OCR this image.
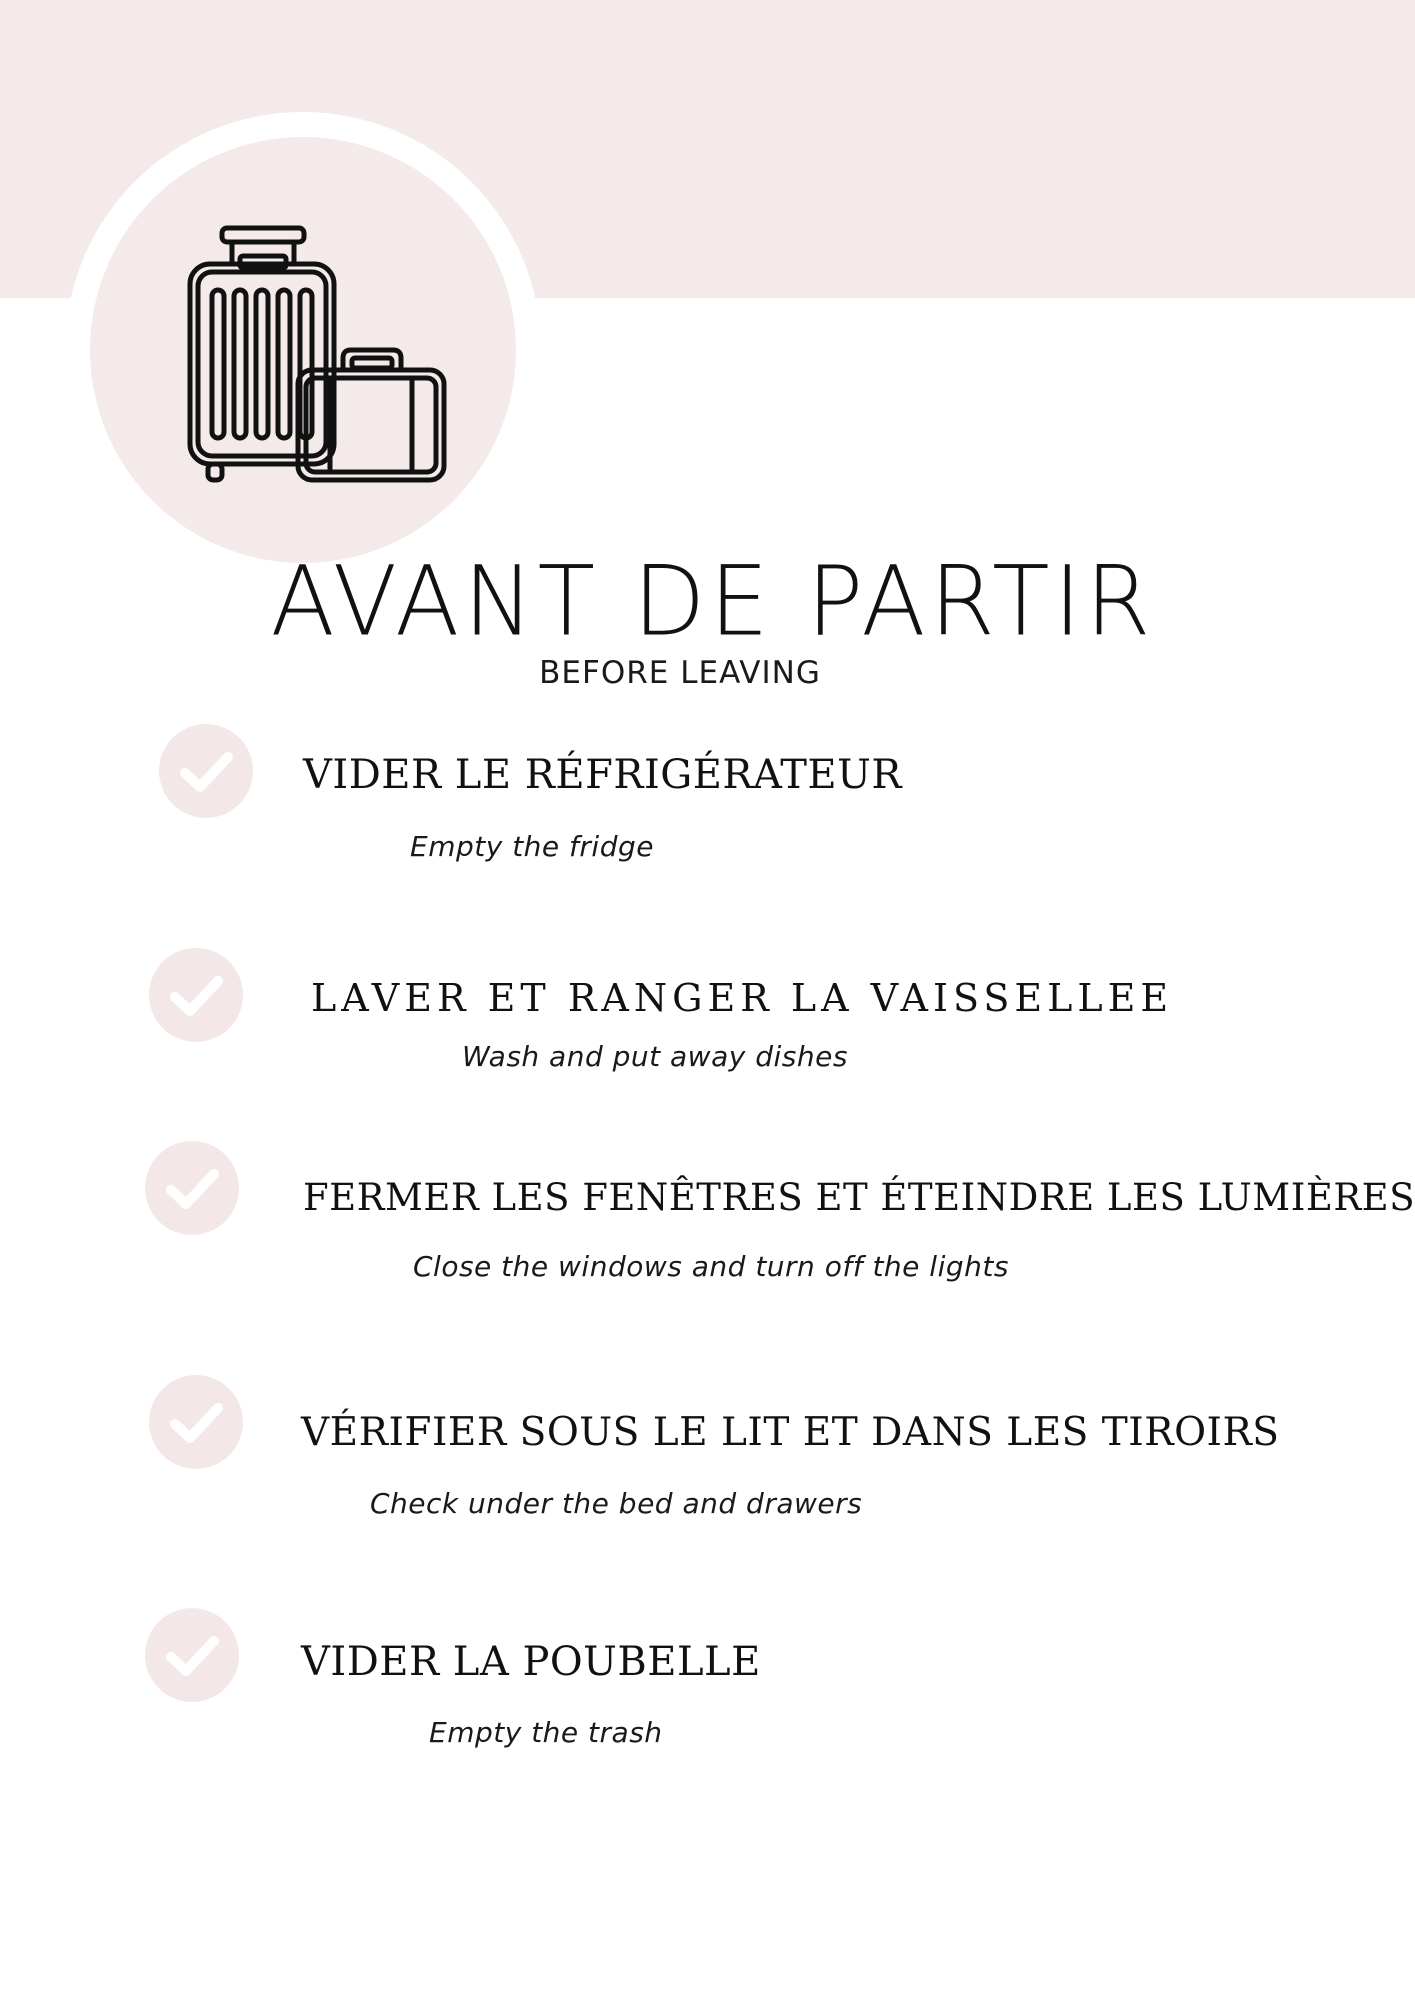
AVANT DE PARTIR
BEFORE LEAVING
VIDER LE RÉFRIGÉRATEUR
Empty the fridge
LAVER ET RANGER LA VAISSELLEE
Wash and put away dishes
FERMER LES FENÊTRES ET ÉTEINDRE LES LUMIÈRES
Close the windows and turn off the lights
VÉRIFIER SOUS LE LIT ET DANS LES TIROIRS
Check under the bed and drawers
VIDER LA POUBELLE
Empty the trash
